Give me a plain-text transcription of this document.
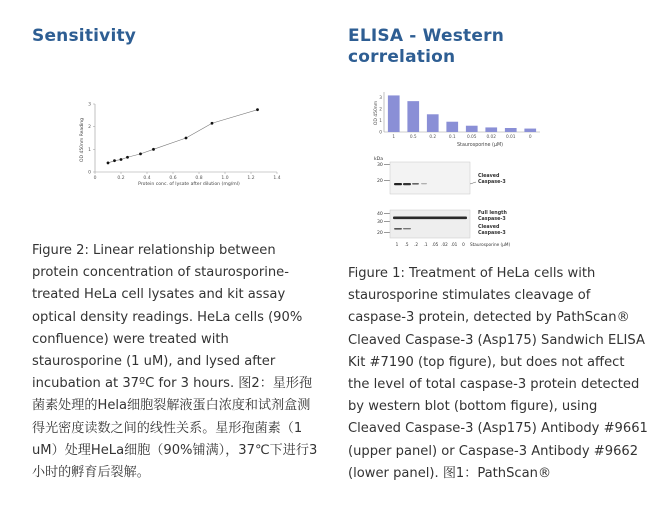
Sensitivity
0
1
2
3
0	0.2	0.4	0.6	0.8	1.0	1.2	1.4
OD 450nm Reading
Protein conc. of lysate after dilution (mg/ml)

Figure 2: Linear relationship between protein concentration of staurosporine-treated HeLa cell lysates and kit assay optical density readings. HeLa cells (90% confluence) were treated with staurosporine (1 uM), and lysed after incubation at 37ºC for 3 hours. 图2：星形孢菌素处理的Hela细胞裂解液蛋白浓度和试剂盒测得光密度读数之间的线性关系。星形孢菌素（1 uM）处理HeLa细胞（90%铺满），37℃下进行3小时的孵育后裂解。

ELISA - Western correlation
0
1
2
3
1	0.5	0.2	0.1	0.05 0.02 0.01	0
OD 450nm
Staurosporine (μM)
kDa
30
20
Cleaved
Caspase-3
40
30
20
Full length
Caspase-3
Cleaved
Caspase-3
1 .5 .2 .1 .05 .02 .01 0 Staurosporine (μM)

Figure 1: Treatment of HeLa cells with staurosporine stimulates cleavage of caspase-3 protein, detected by PathScan® Cleaved Caspase-3 (Asp175) Sandwich ELISA Kit #7190 (top figure), but does not affect the level of total caspase-3 protein detected by western blot (bottom figure), using Cleaved Caspase-3 (Asp175) Antibody #9661 (upper panel) or Caspase-3 Antibody #9662 (lower panel). 图1：PathScan®
